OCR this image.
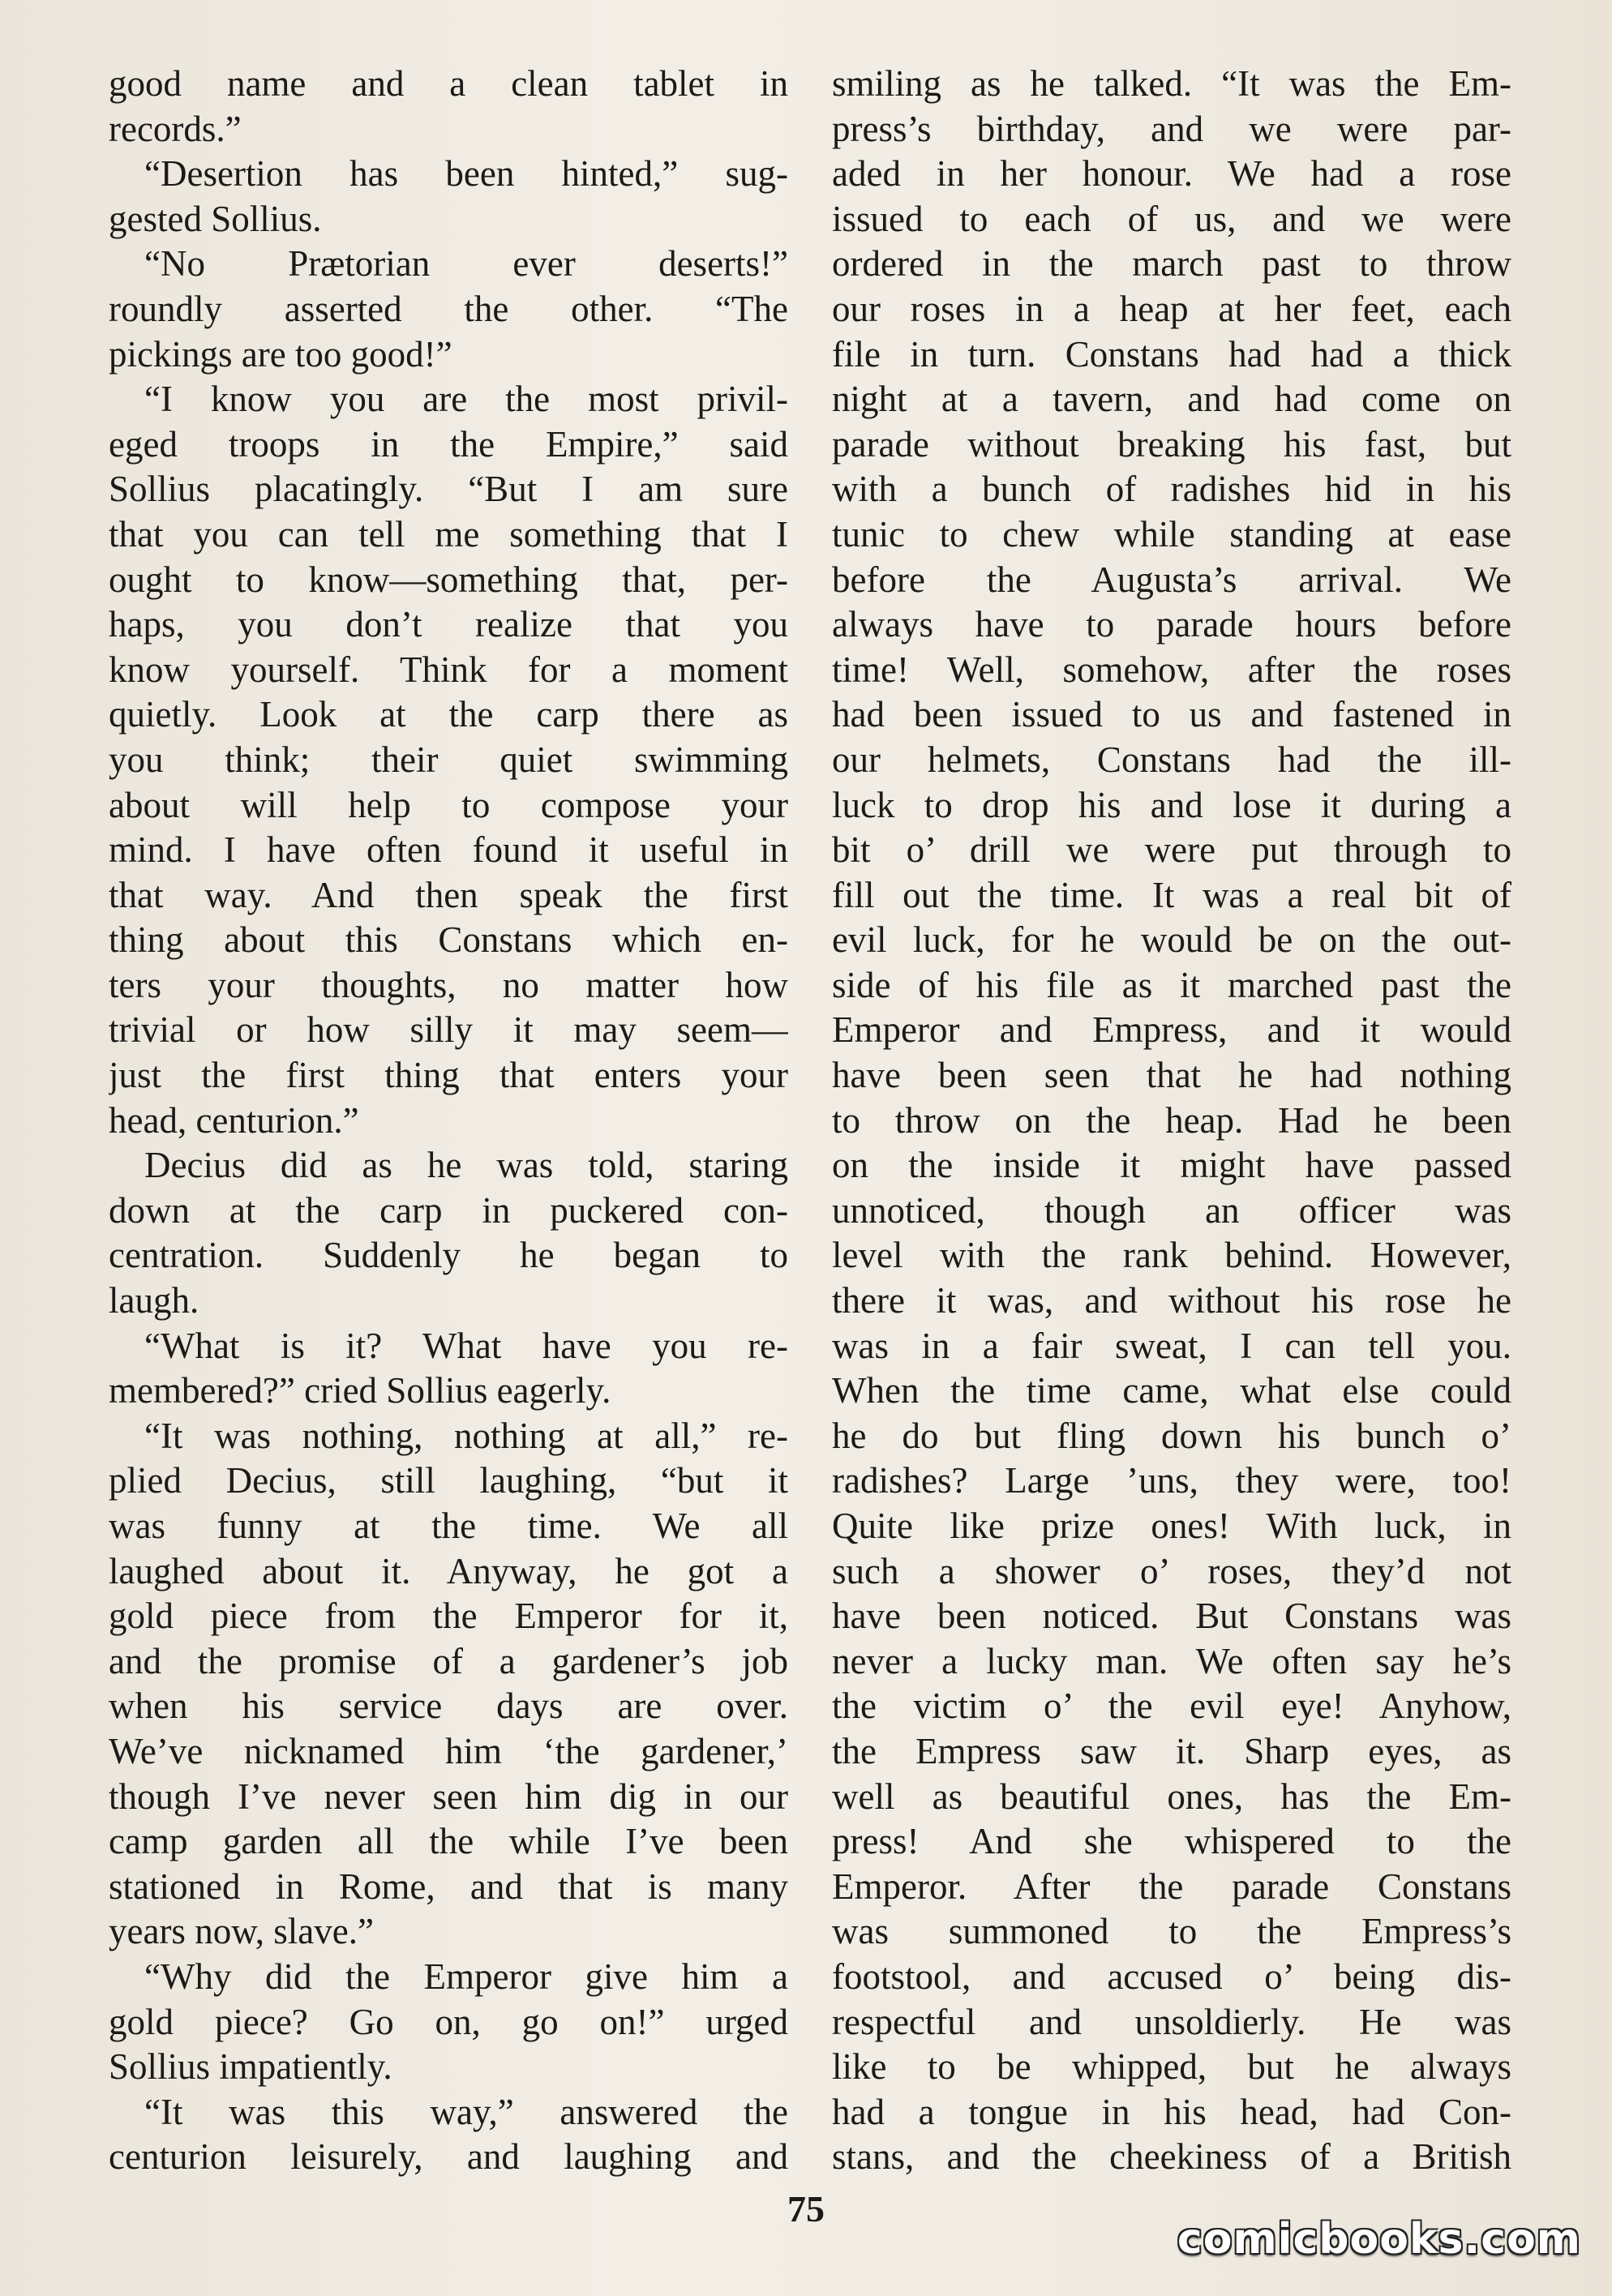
good name and a clean tablet in
records.”
“Desertion has been hinted,” sug-
gested Sollius.
“No Prætorian ever deserts!”
roundly asserted the other. “The
pickings are too good!”
“I know you are the most privil-
eged troops in the Empire,” said
Sollius placatingly. “But I am sure
that you can tell me something that I
ought to know—something that, per-
haps, you don’t realize that you
know yourself. Think for a moment
quietly. Look at the carp there as
you think; their quiet swimming
about will help to compose your
mind. I have often found it useful in
that way. And then speak the first
thing about this Constans which en-
ters your thoughts, no matter how
trivial or how silly it may seem—
just the first thing that enters your
head, centurion.”
Decius did as he was told, staring
down at the carp in puckered con-
centration. Suddenly he began to
laugh.
“What is it? What have you re-
membered?” cried Sollius eagerly.
“It was nothing, nothing at all,” re-
plied Decius, still laughing, “but it
was funny at the time. We all
laughed about it. Anyway, he got a
gold piece from the Emperor for it,
and the promise of a gardener’s job
when his service days are over.
We’ve nicknamed him ‘the gardener,’
though I’ve never seen him dig in our
camp garden all the while I’ve been
stationed in Rome, and that is many
years now, slave.”
“Why did the Emperor give him a
gold piece? Go on, go on!” urged
Sollius impatiently.
“It was this way,” answered the
centurion leisurely, and laughing and
smiling as he talked. “It was the Em-
press’s birthday, and we were par-
aded in her honour. We had a rose
issued to each of us, and we were
ordered in the march past to throw
our roses in a heap at her feet, each
file in turn. Constans had had a thick
night at a tavern, and had come on
parade without breaking his fast, but
with a bunch of radishes hid in his
tunic to chew while standing at ease
before the Augusta’s arrival. We
always have to parade hours before
time! Well, somehow, after the roses
had been issued to us and fastened in
our helmets, Constans had the ill-
luck to drop his and lose it during a
bit o’ drill we were put through to
fill out the time. It was a real bit of
evil luck, for he would be on the out-
side of his file as it marched past the
Emperor and Empress, and it would
have been seen that he had nothing
to throw on the heap. Had he been
on the inside it might have passed
unnoticed, though an officer was
level with the rank behind. However,
there it was, and without his rose he
was in a fair sweat, I can tell you.
When the time came, what else could
he do but fling down his bunch o’
radishes? Large ’uns, they were, too!
Quite like prize ones! With luck, in
such a shower o’ roses, they’d not
have been noticed. But Constans was
never a lucky man. We often say he’s
the victim o’ the evil eye! Anyhow,
the Empress saw it. Sharp eyes, as
well as beautiful ones, has the Em-
press! And she whispered to the
Emperor. After the parade Constans
was summoned to the Empress’s
footstool, and accused o’ being dis-
respectful and unsoldierly. He was
like to be whipped, but he always
had a tongue in his head, had Con-
stans, and the cheekiness of a British
75
comicbooks.com
